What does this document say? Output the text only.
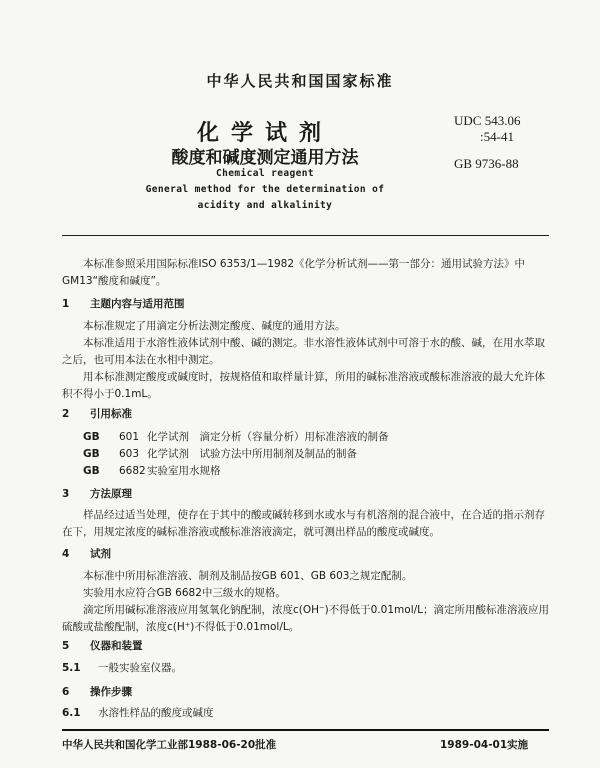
中华人民共和国国家标准
化学试剂
酸度和碱度测定通用方法
Chemical reagent
General method for the determination of
acidity and alkalinity
UDC 543.06
:54-41
GB 9736-88
本标准参照采用国际标准ISO 6353/1—1982《化学分析试剂——第一部分：通用试验方法》中GM13“酸度和碱度”。
1 主题内容与适用范围
本标准规定了用滴定分析法测定酸度、碱度的通用方法。
本标准适用于水溶性液体试剂中酸、碱的测定。非水溶性液体试剂中可溶于水的酸、碱，在用水萃取之后，也可用本法在水相中测定。
用本标准测定酸度或碱度时，按规格值和取样量计算，所用的碱标准溶液或酸标准溶液的最大允许体积不得小于0.1mL。
2 引用标准
GB 601 化学试剂　滴定分析（容量分析）用标准溶液的制备
GB 603 化学试剂　试验方法中所用制剂及制品的制备
GB 6682实验室用水规格
3 方法原理
样品经过适当处理，使存在于其中的酸或碱转移到水或水与有机溶剂的混合液中，在合适的指示剂存在下，用规定浓度的碱标准溶液或酸标准溶液滴定，就可测出样品的酸度或碱度。
4 试剂
本标准中所用标准溶液、制剂及制品按GB 601、GB 603之规定配制。
实验用水应符合GB 6682中三级水的规格。
滴定所用碱标准溶液应用氢氧化钠配制，浓度c(OH⁻)不得低于0.01mol/L；滴定所用酸标准溶液应用硫酸或盐酸配制，浓度c(H⁺)不得低于0.01mol/L。
5 仪器和装置
5.1 一般实验室仪器。
6 操作步骤
6.1 水溶性样品的酸度或碱度
中华人民共和国化学工业部1988-06-20批准	1989-04-01实施
